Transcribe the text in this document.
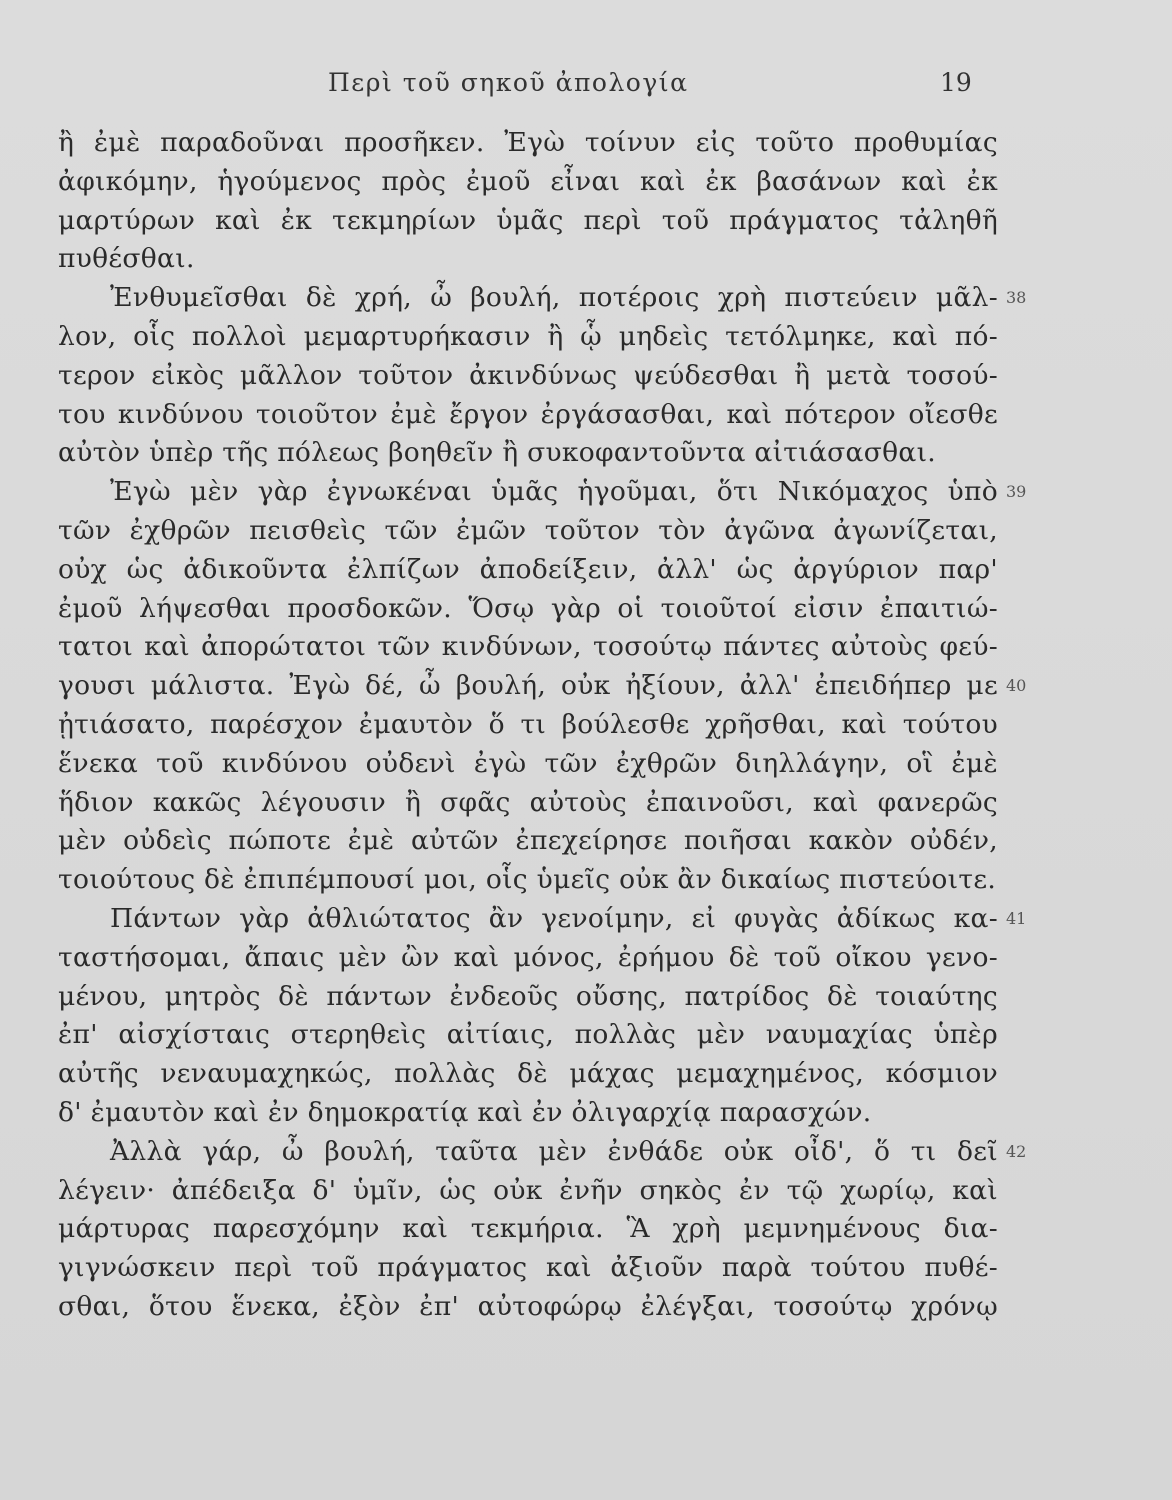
Περὶ τοῦ σηκοῦ ἀπολογία	19
ἢ ἐμὲ παραδοῦναι προσῆκεν. Ἐγὼ τοίνυν εἰς τοῦτο προθυμίας
ἀφικόμην, ἡγούμενος πρὸς ἐμοῦ εἶναι καὶ ἐκ βασάνων καὶ ἐκ
μαρτύρων καὶ ἐκ τεκμηρίων ὑμᾶς περὶ τοῦ πράγματος τἀληθῆ
πυθέσθαι.
Ἐνθυμεῖσθαι δὲ χρή, ὦ βουλή, ποτέροις χρὴ πιστεύειν μᾶλ- 38
λον, οἷς πολλοὶ μεμαρτυρήκασιν ἢ ᾧ μηδεὶς τετόλμηκε, καὶ πό-
τερον εἰκὸς μᾶλλον τοῦτον ἀκινδύνως ψεύδεσθαι ἢ μετὰ τοσού-
του κινδύνου τοιοῦτον ἐμὲ ἔργον ἐργάσασθαι, καὶ πότερον οἴεσθε
αὐτὸν ὑπὲρ τῆς πόλεως βοηθεῖν ἢ συκοφαντοῦντα αἰτιάσασθαι.
Ἐγὼ μὲν γὰρ ἐγνωκέναι ὑμᾶς ἡγοῦμαι, ὅτι Νικόμαχος ὑπὸ 39
τῶν ἐχθρῶν πεισθεὶς τῶν ἐμῶν τοῦτον τὸν ἀγῶνα ἀγωνίζεται,
οὐχ ὡς ἀδικοῦντα ἐλπίζων ἀποδείξειν, ἀλλ' ὡς ἀργύριον παρ'
ἐμοῦ λήψεσθαι προσδοκῶν. Ὅσῳ γὰρ οἱ τοιοῦτοί εἰσιν ἐπαιτιώ-
τατοι καὶ ἀπορώτατοι τῶν κινδύνων, τοσούτῳ πάντες αὐτοὺς φεύ-
γουσι μάλιστα. Ἐγὼ δέ, ὦ βουλή, οὐκ ἠξίουν, ἀλλ' ἐπειδήπερ με 40
ᾐτιάσατο, παρέσχον ἐμαυτὸν ὅ τι βούλεσθε χρῆσθαι, καὶ τούτου
ἕνεκα τοῦ κινδύνου οὐδενὶ ἐγὼ τῶν ἐχθρῶν διηλλάγην, οἳ ἐμὲ
ἥδιον κακῶς λέγουσιν ἢ σφᾶς αὐτοὺς ἐπαινοῦσι, καὶ φανερῶς
μὲν οὐδεὶς πώποτε ἐμὲ αὐτῶν ἐπεχείρησε ποιῆσαι κακὸν οὐδέν,
τοιούτους δὲ ἐπιπέμπουσί μοι, οἷς ὑμεῖς οὐκ ἂν δικαίως πιστεύοιτε.
Πάντων γὰρ ἀθλιώτατος ἂν γενοίμην, εἰ φυγὰς ἀδίκως κα- 41
ταστήσομαι, ἄπαις μὲν ὢν καὶ μόνος, ἐρήμου δὲ τοῦ οἴκου γενο-
μένου, μητρὸς δὲ πάντων ἐνδεοῦς οὔσης, πατρίδος δὲ τοιαύτης
ἐπ' αἰσχίσταις στερηθεὶς αἰτίαις, πολλὰς μὲν ναυμαχίας ὑπὲρ
αὐτῆς νεναυμαχηκώς, πολλὰς δὲ μάχας μεμαχημένος, κόσμιον
δ' ἐμαυτὸν καὶ ἐν δημοκρατίᾳ καὶ ἐν ὀλιγαρχίᾳ παρασχών.
Ἀλλὰ γάρ, ὦ βουλή, ταῦτα μὲν ἐνθάδε οὐκ οἶδ', ὅ τι δεῖ 42
λέγειν· ἀπέδειξα δ' ὑμῖν, ὡς οὐκ ἐνῆν σηκὸς ἐν τῷ χωρίῳ, καὶ
μάρτυρας παρεσχόμην καὶ τεκμήρια. Ἃ χρὴ μεμνημένους δια-
γιγνώσκειν περὶ τοῦ πράγματος καὶ ἀξιοῦν παρὰ τούτου πυθέ-
σθαι, ὅτου ἕνεκα, ἐξὸν ἐπ' αὐτοφώρῳ ἐλέγξαι, τοσούτῳ χρόνῳ
